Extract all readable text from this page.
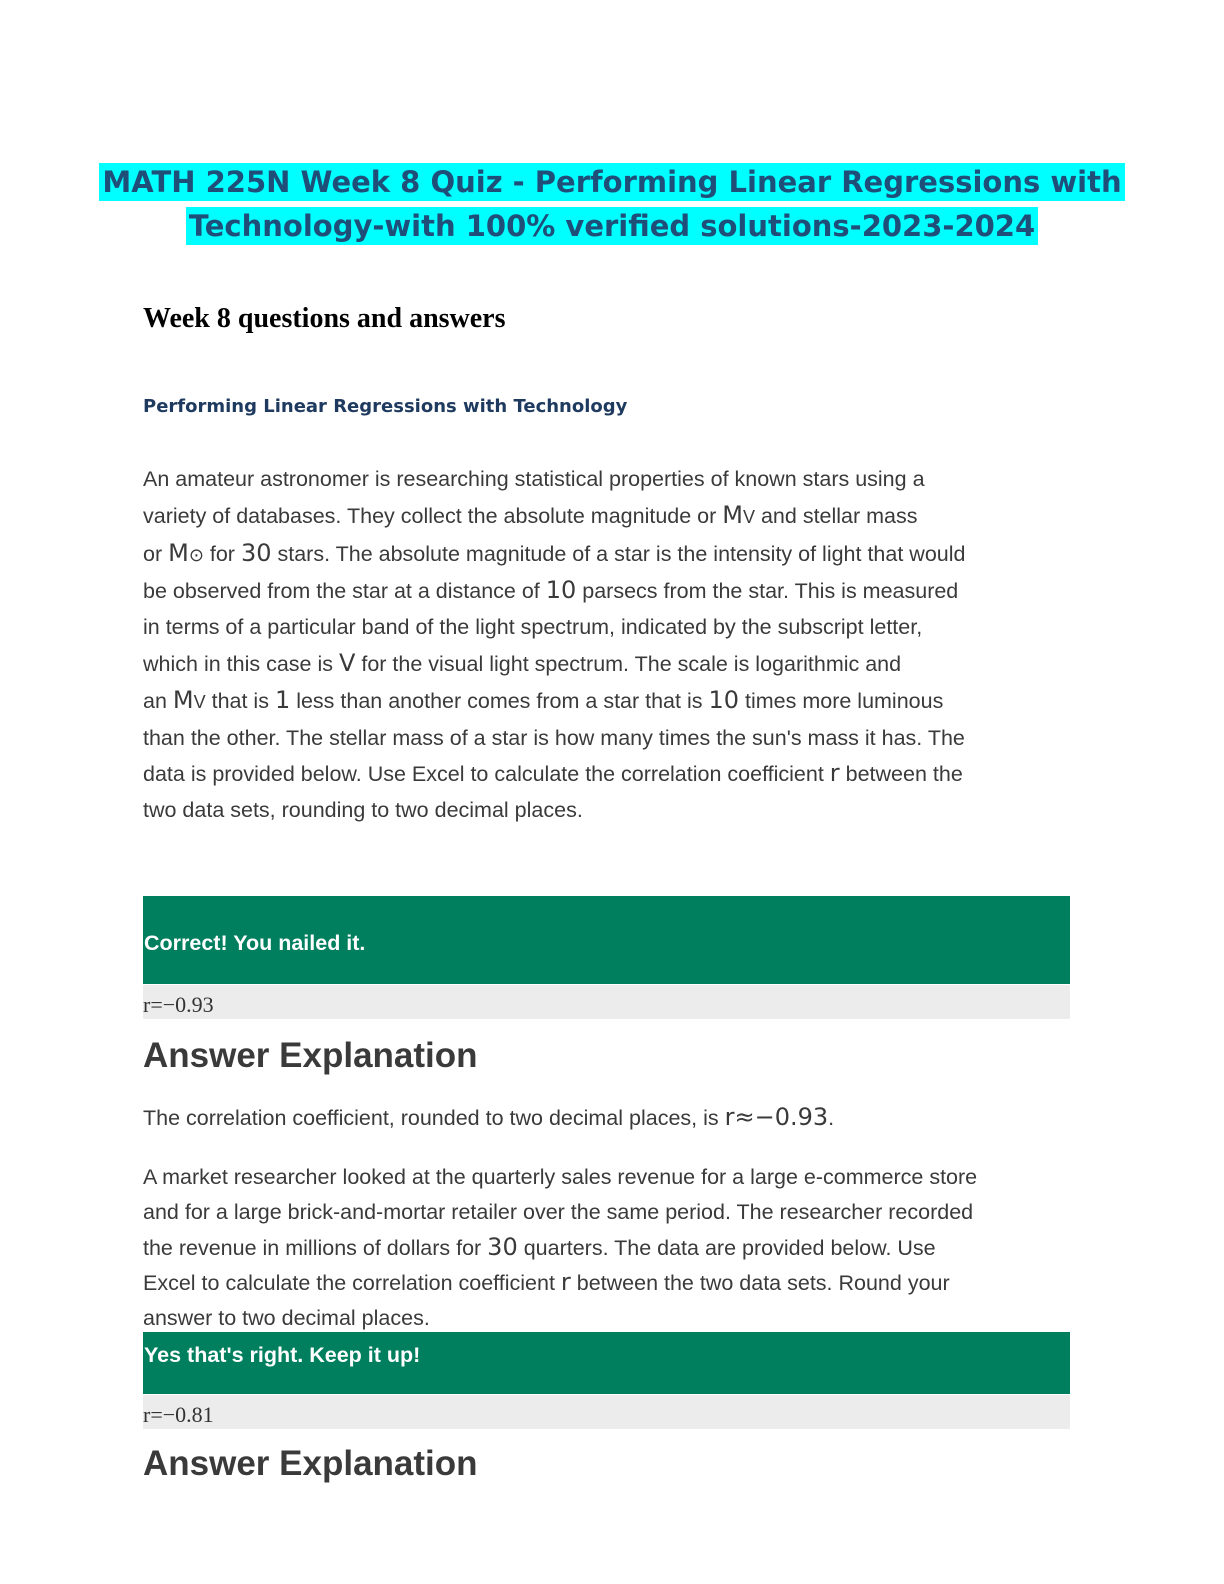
MATH 225N Week 8 Quiz - Performing Linear Regressions with
Technology-with 100% verified solutions-2023-2024
Week 8 questions and answers
Performing Linear Regressions with Technology
An amateur astronomer is researching statistical properties of known stars using a
variety of databases. They collect the absolute magnitude or MV and stellar mass
or M⊙ for 30 stars. The absolute magnitude of a star is the intensity of light that would
be observed from the star at a distance of 10 parsecs from the star. This is measured
in terms of a particular band of the light spectrum, indicated by the subscript letter,
which in this case is V for the visual light spectrum. The scale is logarithmic and
an MV that is 1 less than another comes from a star that is 10 times more luminous
than the other. The stellar mass of a star is how many times the sun's mass it has. The
data is provided below. Use Excel to calculate the correlation coefficient r between the
two data sets, rounding to two decimal places.
Correct! You nailed it.
r=−0.93
Answer Explanation
The correlation coefficient, rounded to two decimal places, is r≈−0.93.
A market researcher looked at the quarterly sales revenue for a large e-commerce store
and for a large brick-and-mortar retailer over the same period. The researcher recorded
the revenue in millions of dollars for 30 quarters. The data are provided below. Use
Excel to calculate the correlation coefficient r between the two data sets. Round your
answer to two decimal places.
Yes that's right. Keep it up!
r=−0.81
Answer Explanation
